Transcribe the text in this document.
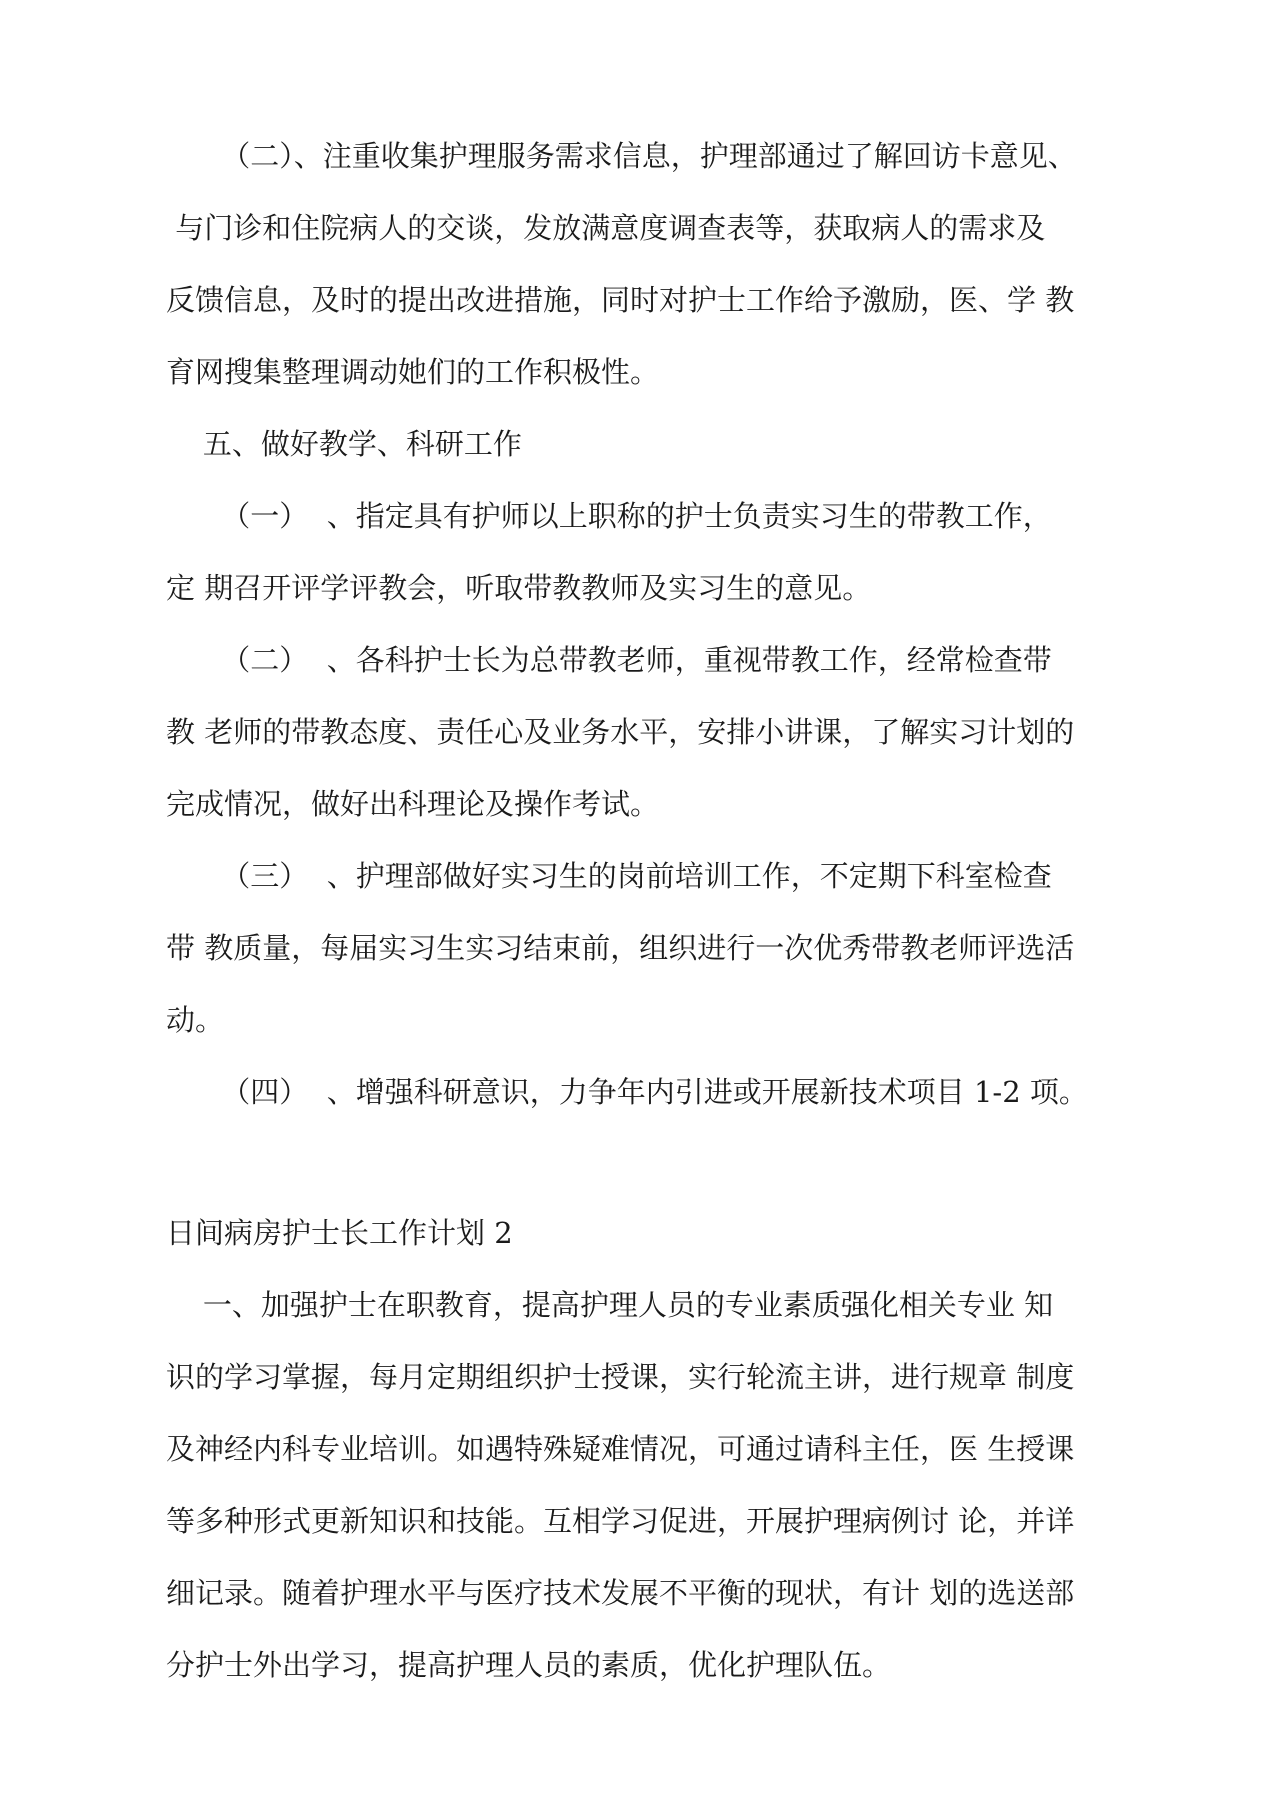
（二）、注重收集护理服务需求信息，护理部通过了解回访卡意见、
与门诊和住院病人的交谈，发放满意度调查表等，获取病人的需求及
反馈信息，及时的提出改进措施，同时对护士工作给予激励，医、学 教
育网搜集整理调动她们的工作积极性。
五、做好教学、科研工作
（一）  、指定具有护师以上职称的护士负责实习生的带教工作，
定 期召开评学评教会，听取带教教师及实习生的意见。
（二）  、各科护士长为总带教老师，重视带教工作，经常检查带
教 老师的带教态度、责任心及业务水平，安排小讲课，了解实习计划的
完成情况，做好出科理论及操作考试。
（三）  、护理部做好实习生的岗前培训工作，不定期下科室检查
带 教质量，每届实习生实习结束前，组织进行一次优秀带教老师评选活
动。
（四）  、增强科研意识，力争年内引进或开展新技术项目 1-2 项。
日间病房护士长工作计划 2
一、加强护士在职教育，提高护理人员的专业素质强化相关专业 知
识的学习掌握，每月定期组织护士授课，实行轮流主讲，进行规章 制度
及神经内科专业培训。如遇特殊疑难情况，可通过请科主任，医 生授课
等多种形式更新知识和技能。互相学习促进，开展护理病例讨 论，并详
细记录。随着护理水平与医疗技术发展不平衡的现状，有计 划的选送部
分护士外出学习，提高护理人员的素质，优化护理队伍。
